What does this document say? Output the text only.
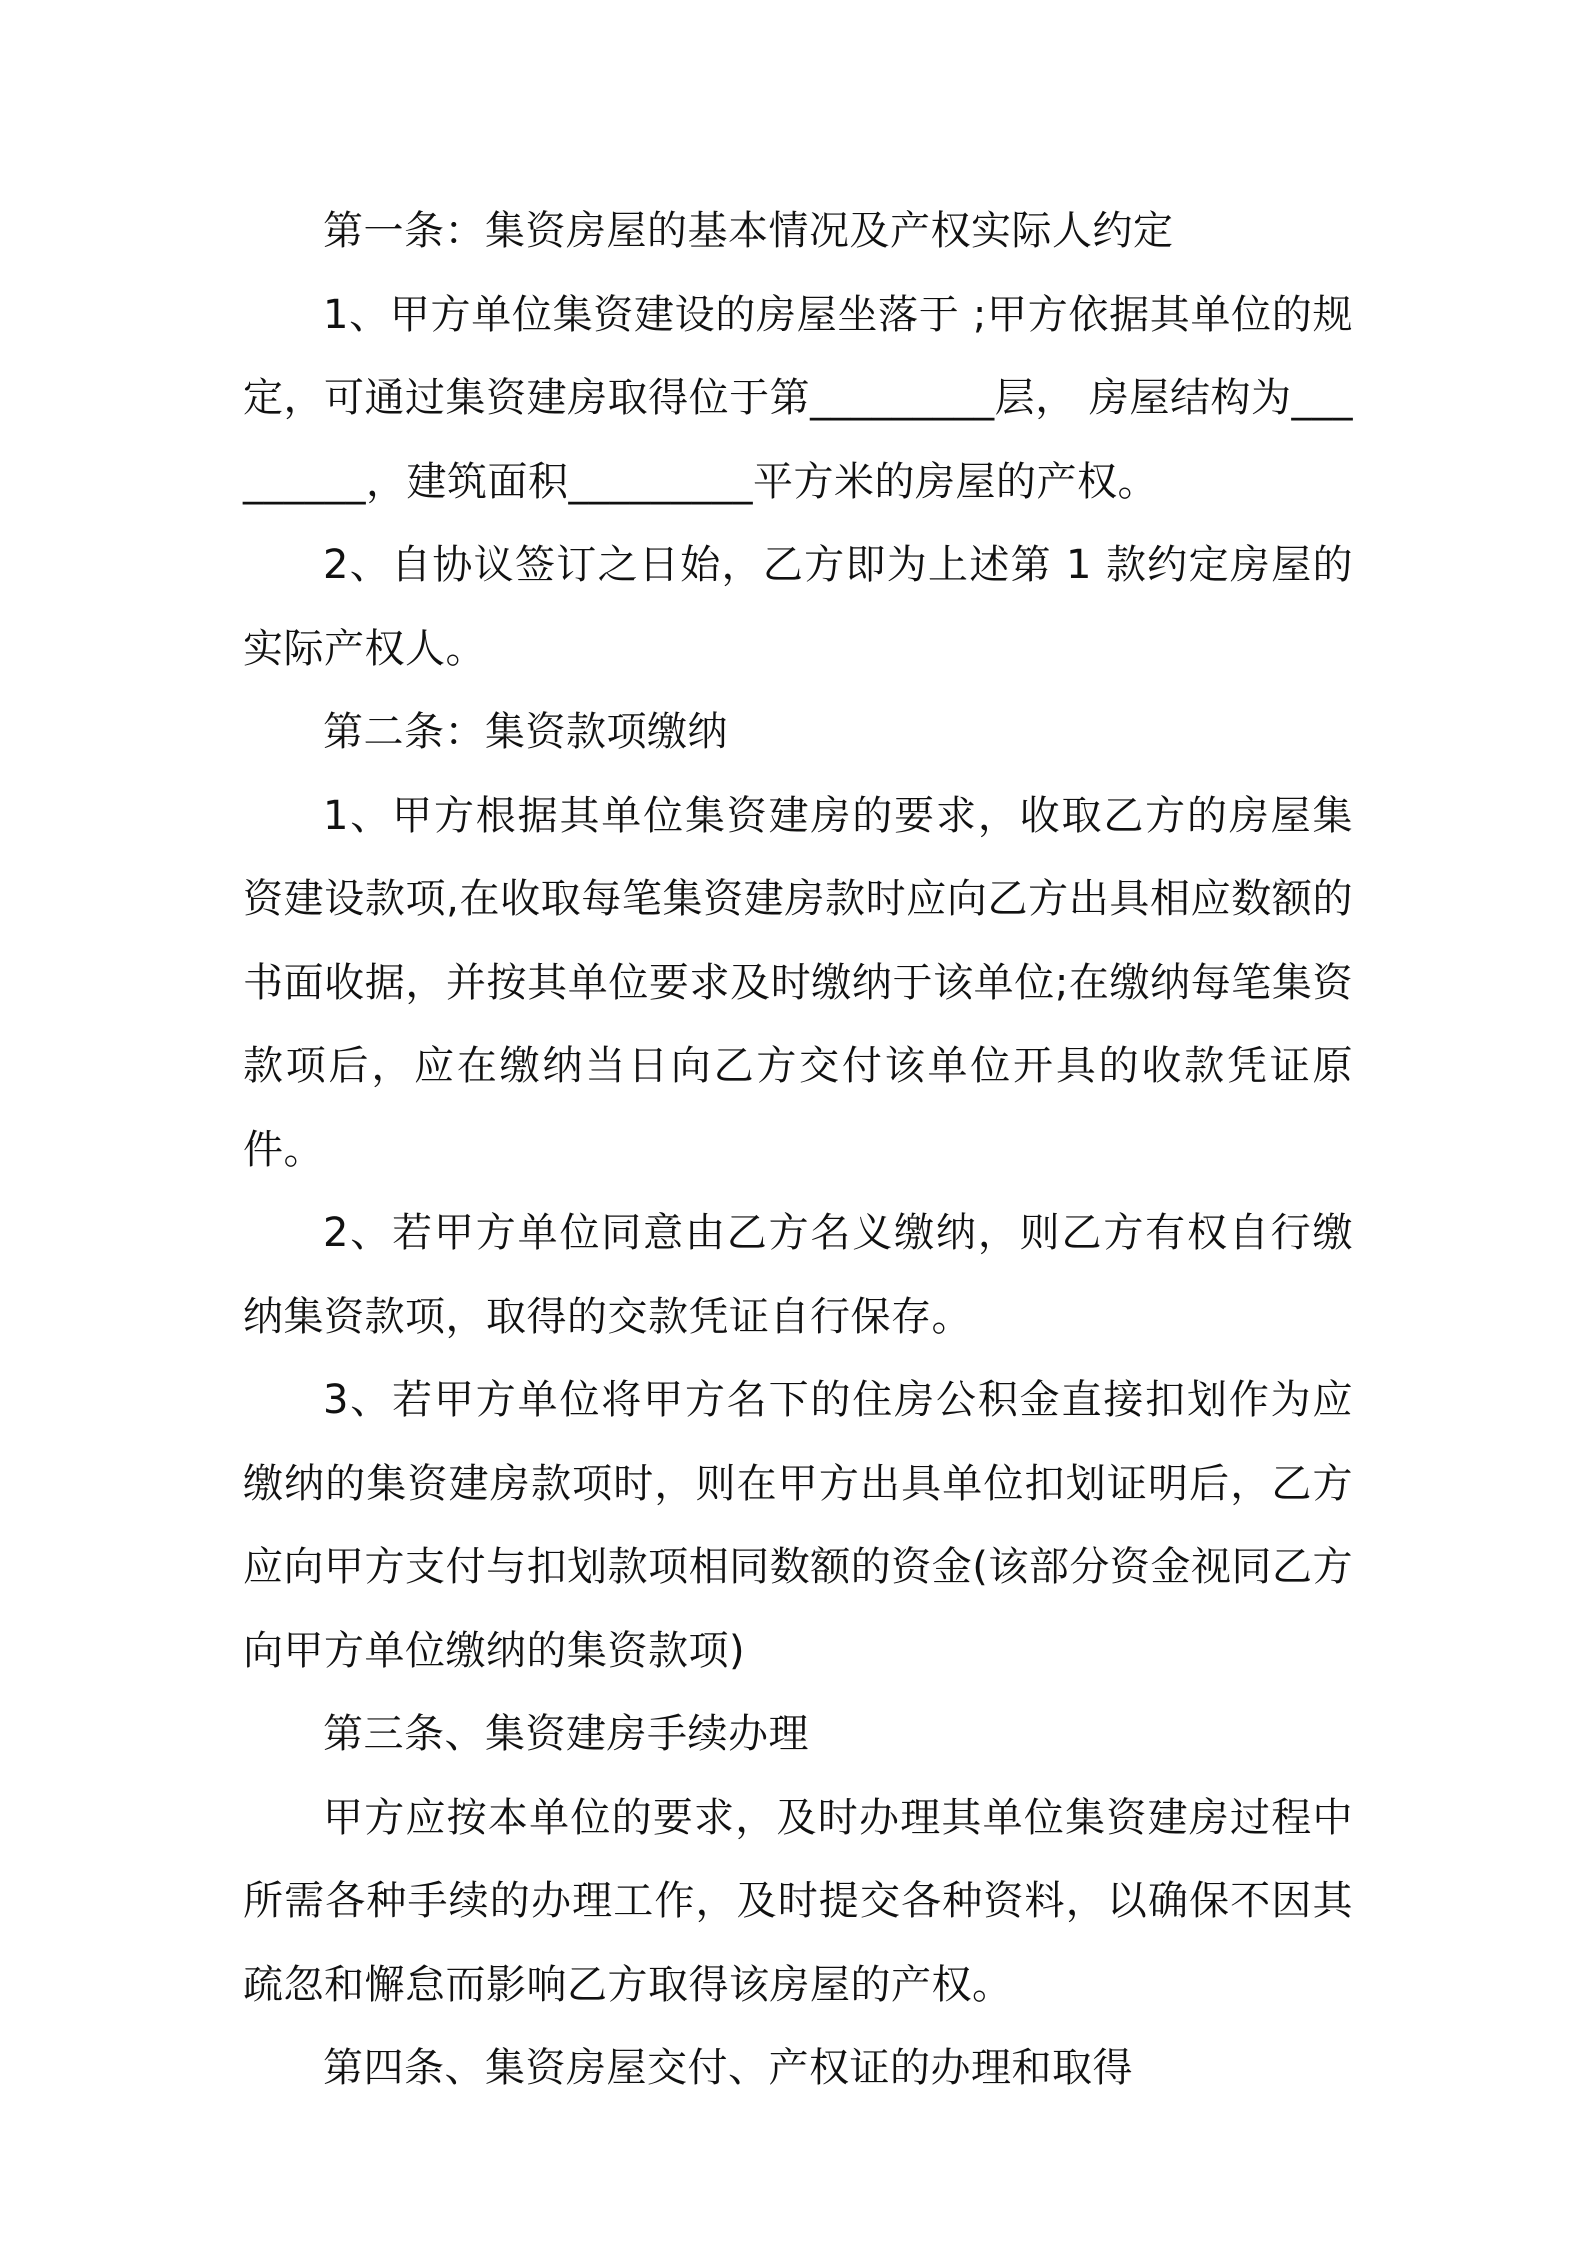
第一条：集资房屋的基本情况及产权实际人约定

1、甲方单位集资建设的房屋坐落于 ;甲方依据其单位的规定，可通过集资建房取得位于第_________层， 房屋结构为_________，建筑面积_________平方米的房屋的产权。

2、自协议签订之日始，乙方即为上述第 1 款约定房屋的实际产权人。

第二条：集资款项缴纳

1、甲方根据其单位集资建房的要求，收取乙方的房屋集资建设款项,在收取每笔集资建房款时应向乙方出具相应数额的书面收据，并按其单位要求及时缴纳于该单位;在缴纳每笔集资款项后，应在缴纳当日向乙方交付该单位开具的收款凭证原件。

2、若甲方单位同意由乙方名义缴纳，则乙方有权自行缴纳集资款项，取得的交款凭证自行保存。

3、若甲方单位将甲方名下的住房公积金直接扣划作为应缴纳的集资建房款项时，则在甲方出具单位扣划证明后，乙方应向甲方支付与扣划款项相同数额的资金(该部分资金视同乙方向甲方单位缴纳的集资款项)

第三条、集资建房手续办理

甲方应按本单位的要求，及时办理其单位集资建房过程中所需各种手续的办理工作，及时提交各种资料，以确保不因其疏忽和懈怠而影响乙方取得该房屋的产权。

第四条、集资房屋交付、产权证的办理和取得
